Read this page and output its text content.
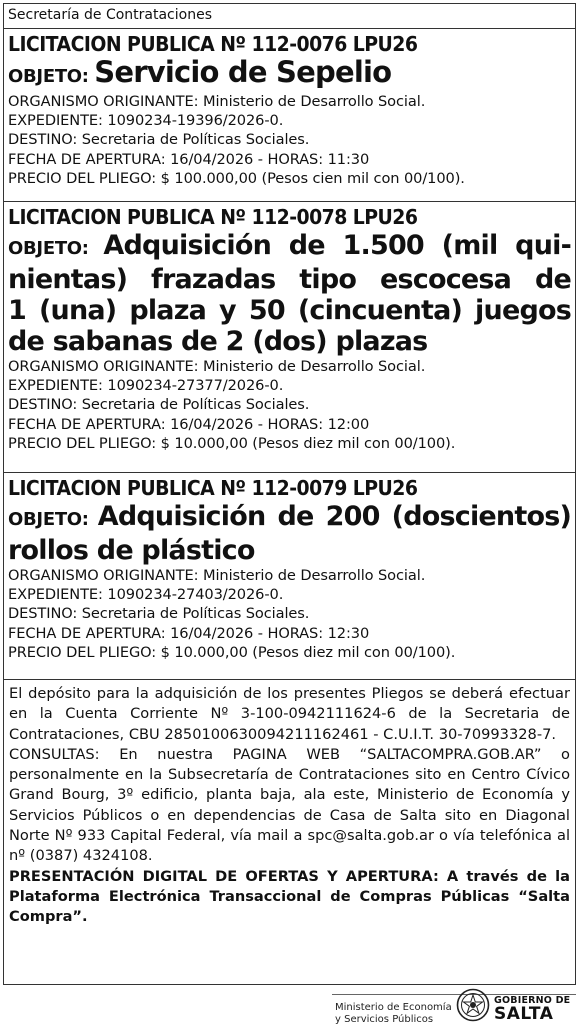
Secretaría de Contrataciones
LICITACION PUBLICA Nº 112-0076 LPU26
OBJETO: Servicio de Sepelio
ORGANISMO ORIGINANTE: Ministerio de Desarrollo Social.
EXPEDIENTE: 1090234-19396/2026-0.
DESTINO: Secretaria de Políticas Sociales.
FECHA DE APERTURA: 16/04/2026 - HORAS: 11:30
PRECIO DEL PLIEGO: $ 100.000,00 (Pesos cien mil con 00/100).
LICITACION PUBLICA Nº 112-0078 LPU26
OBJETO: Adquisición de 1.500 (mil qui-
nientas) frazadas tipo escocesa de
1 (una) plaza y 50 (cincuenta) juegos
de sabanas de 2 (dos) plazas
ORGANISMO ORIGINANTE: Ministerio de Desarrollo Social.
EXPEDIENTE: 1090234-27377/2026-0.
DESTINO: Secretaria de Políticas Sociales.
FECHA DE APERTURA: 16/04/2026 - HORAS: 12:00
PRECIO DEL PLIEGO: $ 10.000,00 (Pesos diez mil con 00/100).
LICITACION PUBLICA Nº 112-0079 LPU26
OBJETO: Adquisición de 200 (doscientos)
rollos de plástico
ORGANISMO ORIGINANTE: Ministerio de Desarrollo Social.
EXPEDIENTE: 1090234-27403/2026-0.
DESTINO: Secretaria de Políticas Sociales.
FECHA DE APERTURA: 16/04/2026 - HORAS: 12:30
PRECIO DEL PLIEGO: $ 10.000,00 (Pesos diez mil con 00/100).

El depósito para la adquisición de los presentes Pliegos se deberá efectuar en la Cuenta Corriente Nº 3-100-0942111624-6 de la Secretaria de Contrataciones, CBU 2850100630094211162461 - C.U.I.T. 30-70993328-7.

CONSULTAS: En nuestra PAGINA WEB “SALTACOMPRA.GOB.AR” o personalmente en la Subsecretaría de Contrataciones sito en Centro Cívico Grand Bourg, 3º edificio, planta baja, ala este, Ministerio de Economía y Servicios Públicos o en dependencias de Casa de Salta sito en Diagonal Norte Nº 933 Capital Federal, vía mail a spc@salta.gob.ar o vía telefónica al nº (0387) 4324108.

PRESENTACIÓN DIGITAL DE OFERTAS Y APERTURA: A través de la Plataforma Electrónica Transaccional de Compras Públicas “Salta Compra”.

Ministerio de Economía
y Servicios Públicos
GOBIERNO DE
SALTA
